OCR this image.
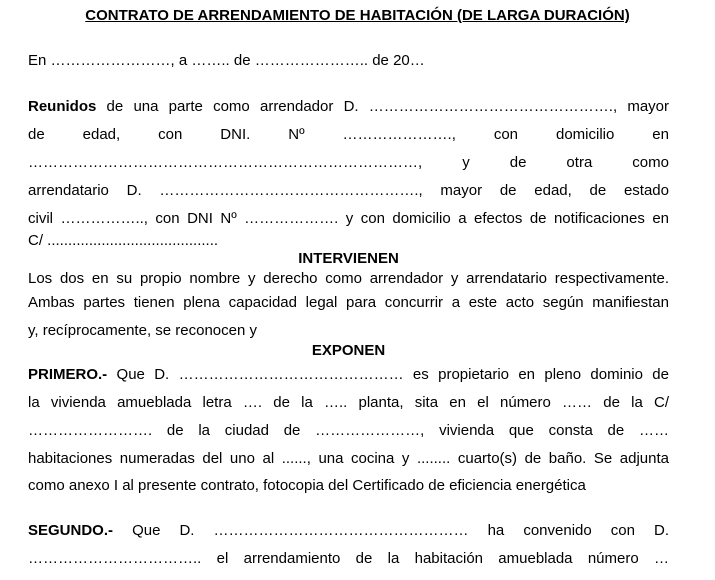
CONTRATO DE ARRENDAMIENTO DE HABITACIÓN (DE LARGA DURACIÓN)
En ……………………, a …….. de ………………….. de 20…
Reunidos de una parte como arrendador D. …………………………………………., mayor
de edad, con DNI. Nº …………………., con domicilio en
……………………………………………………………………, y de otra como
arrendatario D. ……………………………………………., mayor de edad, de estado
civil …………….., con DNI Nº ………………. y con domicilio a efectos de notificaciones en
C/ .........................................
INTERVIENEN
Los dos en su propio nombre y derecho como arrendador y arrendatario respectivamente.
Ambas partes tienen plena capacidad legal para concurrir a este acto según manifiestan
y, recíprocamente, se reconocen y
EXPONEN
PRIMERO.- Que D. ……………………………………… es propietario en pleno dominio de
la vivienda amueblada letra …. de la ….. planta, sita en el número …… de la C/
……………………. de la ciudad de …………………, vivienda que consta de ……
habitaciones numeradas del uno al ......, una cocina y ........ cuarto(s) de baño. Se adjunta
como anexo I al presente contrato, fotocopia del Certificado de eficiencia energética
SEGUNDO.- Que D. …………………………………………… ha convenido con D.
…………………………….. el arrendamiento de la habitación amueblada número …
